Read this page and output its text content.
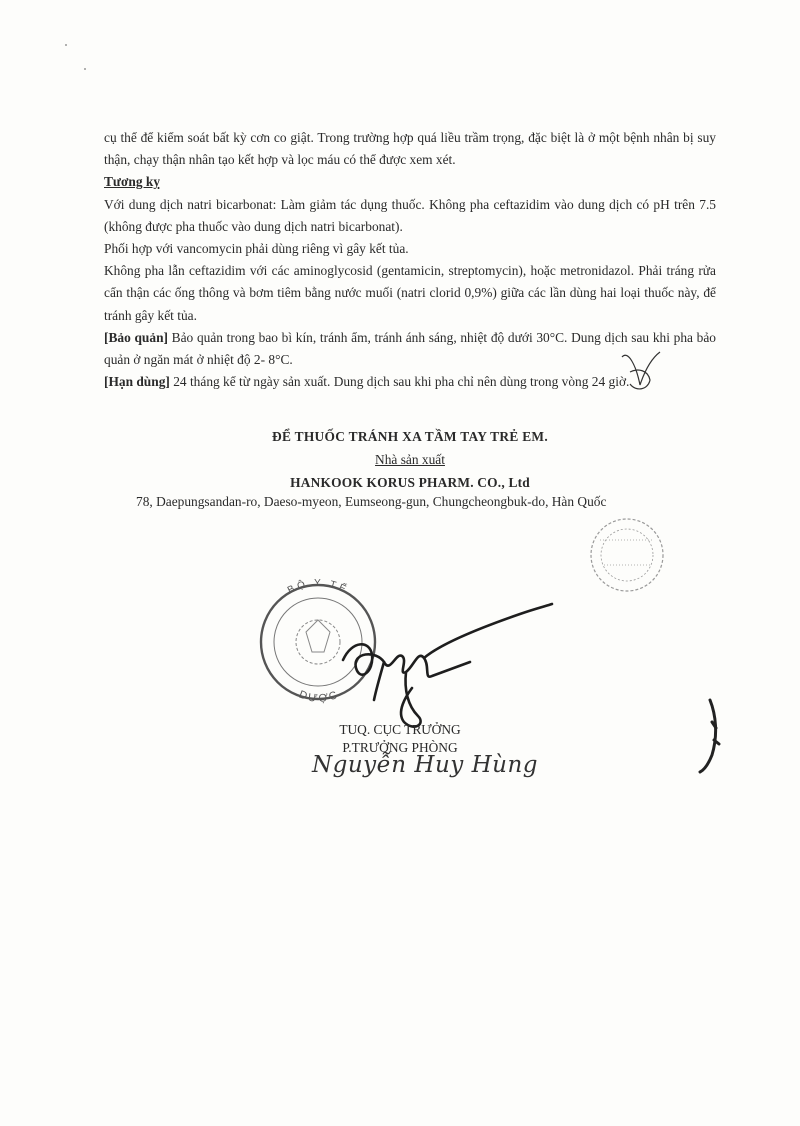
cụ thể để kiểm soát bất kỳ cơn co giật. Trong trường hợp quá liều trầm trọng, đặc biệt là ở một bệnh nhân bị suy thận, chạy thận nhân tạo kết hợp và lọc máu có thể được xem xét.

Tương kỵ

Với dung dịch natri bicarbonat: Làm giảm tác dụng thuốc. Không pha ceftazidim vào dung dịch có pH trên 7.5 (không được pha thuốc vào dung dịch natri bicarbonat).

Phối hợp với vancomycin phải dùng riêng vì gây kết tủa.

Không pha lẫn ceftazidim với các aminoglycosid (gentamicin, streptomycin), hoặc metronidazol. Phải tráng rửa cẩn thận các ống thông và bơm tiêm bằng nước muối (natri clorid 0,9%) giữa các lần dùng hai loại thuốc này, để tránh gây kết tủa.

[Bảo quản] Bảo quản trong bao bì kín, tránh ẩm, tránh ánh sáng, nhiệt độ dưới 30°C. Dung dịch sau khi pha bảo quản ở ngăn mát ở nhiệt độ 2- 8°C.

[Hạn dùng] 24 tháng kể từ ngày sản xuất. Dung dịch sau khi pha chỉ nên dùng trong vòng 24 giờ.

ĐỂ THUỐC TRÁNH XA TẦM TAY TRẺ EM.
Nhà sản xuất
HANKOOK KORUS PHARM. CO., Ltd
78, Daepungsandan-ro, Daeso-myeon, Eumseong-gun, Chungcheongbuk-do, Hàn Quốc
BỘ Y TẾ
DƯỢC
TUQ. CỤC TRƯỞNG
P.TRƯỞNG PHÒNG
Nguyễn Huy Hùng
